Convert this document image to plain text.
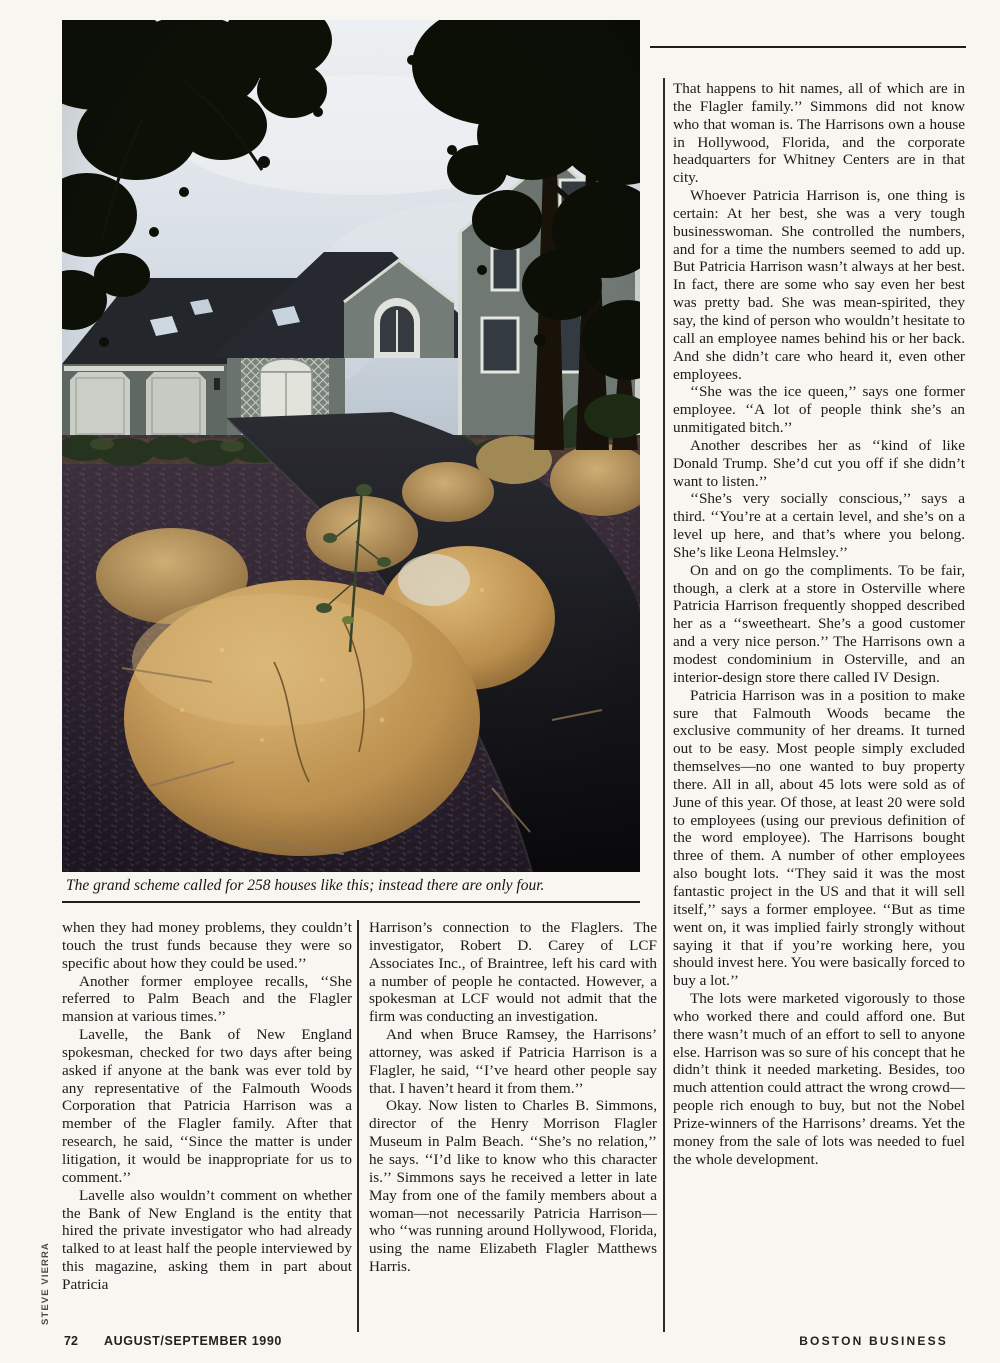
The grand scheme called for 258 houses like this; instead there are only four.

when they had money problems, they couldn’t touch the trust funds because they were so specific about how they could be used.’’

Another former employee recalls, ‘‘She referred to Palm Beach and the Flagler mansion at various times.’’

Lavelle, the Bank of New England spokesman, checked for two days after being asked if anyone at the bank was ever told by any representative of the Falmouth Woods Corporation that Patricia Harrison was a member of the Flagler family. After that research, he said, ‘‘Since the matter is under litigation, it would be inappropriate for us to comment.’’

Lavelle also wouldn’t comment on whether the Bank of New England is the entity that hired the private investigator who had already talked to at least half the people interviewed by this magazine, asking them in part about Patricia

Harrison’s connection to the Flaglers. The investigator, Robert D. Carey of LCF Associates Inc., of Braintree, left his card with a number of people he contacted. However, a spokesman at LCF would not admit that the firm was conducting an investigation.

And when Bruce Ramsey, the Harrisons’ attorney, was asked if Patricia Harrison is a Flagler, he said, ‘‘I’ve heard other people say that. I haven’t heard it from them.’’

Okay. Now listen to Charles B. Simmons, director of the Henry Morrison Flagler Museum in Palm Beach. ‘‘She’s no relation,’’ he says. ‘‘I’d like to know who this character is.’’ Simmons says he received a letter in late May from one of the family members about a woman—not necessarily Patricia Harrison—who ‘‘was running around Hollywood, Florida, using the name Elizabeth Flagler Matthews Harris.

That happens to hit names, all of which are in the Flagler family.’’ Simmons did not know who that woman is. The Harrisons own a house in Hollywood, Florida, and the corporate headquarters for Whitney Centers are in that city.

Whoever Patricia Harrison is, one thing is certain: At her best, she was a very tough businesswoman. She controlled the numbers, and for a time the numbers seemed to add up. But Patricia Harrison wasn’t always at her best. In fact, there are some who say even her best was pretty bad. She was mean-spirited, they say, the kind of person who wouldn’t hesitate to call an employee names behind his or her back. And she didn’t care who heard it, even other employees.

‘‘She was the ice queen,’’ says one former employee. ‘‘A lot of people think she’s an unmitigated bitch.’’

Another describes her as ‘‘kind of like Donald Trump. She’d cut you off if she didn’t want to listen.’’

‘‘She’s very socially conscious,’’ says a third. ‘‘You’re at a certain level, and she’s on a level up here, and that’s where you belong. She’s like Leona Helmsley.’’

On and on go the compliments. To be fair, though, a clerk at a store in Osterville where Patricia Harrison frequently shopped described her as a ‘‘sweetheart. She’s a good customer and a very nice person.’’ The Harrisons own a modest condominium in Osterville, and an interior-design store there called IV Design.

Patricia Harrison was in a position to make sure that Falmouth Woods became the exclusive community of her dreams. It turned out to be easy. Most people simply excluded themselves—no one wanted to buy property there. All in all, about 45 lots were sold as of June of this year. Of those, at least 20 were sold to employees (using our previous definition of the word employee). The Harrisons bought three of them. A number of other employees also bought lots. ‘‘They said it was the most fantastic project in the US and that it will sell itself,’’ says a former employee. ‘‘But as time went on, it was implied fairly strongly without saying it that if you’re working here, you should invest here. You were basically forced to buy a lot.’’

The lots were marketed vigorously to those who worked there and could afford one. But there wasn’t much of an effort to sell to anyone else. Harrison was so sure of his concept that he didn’t think it needed marketing. Besides, too much attention could attract the wrong crowd—people rich enough to buy, but not the Nobel Prize-winners of the Harrisons’ dreams. Yet the money from the sale of lots was needed to fuel the whole development.

72 AUGUST/SEPTEMBER 1990	BOSTON BUSINESS
STEVE VIERRA
